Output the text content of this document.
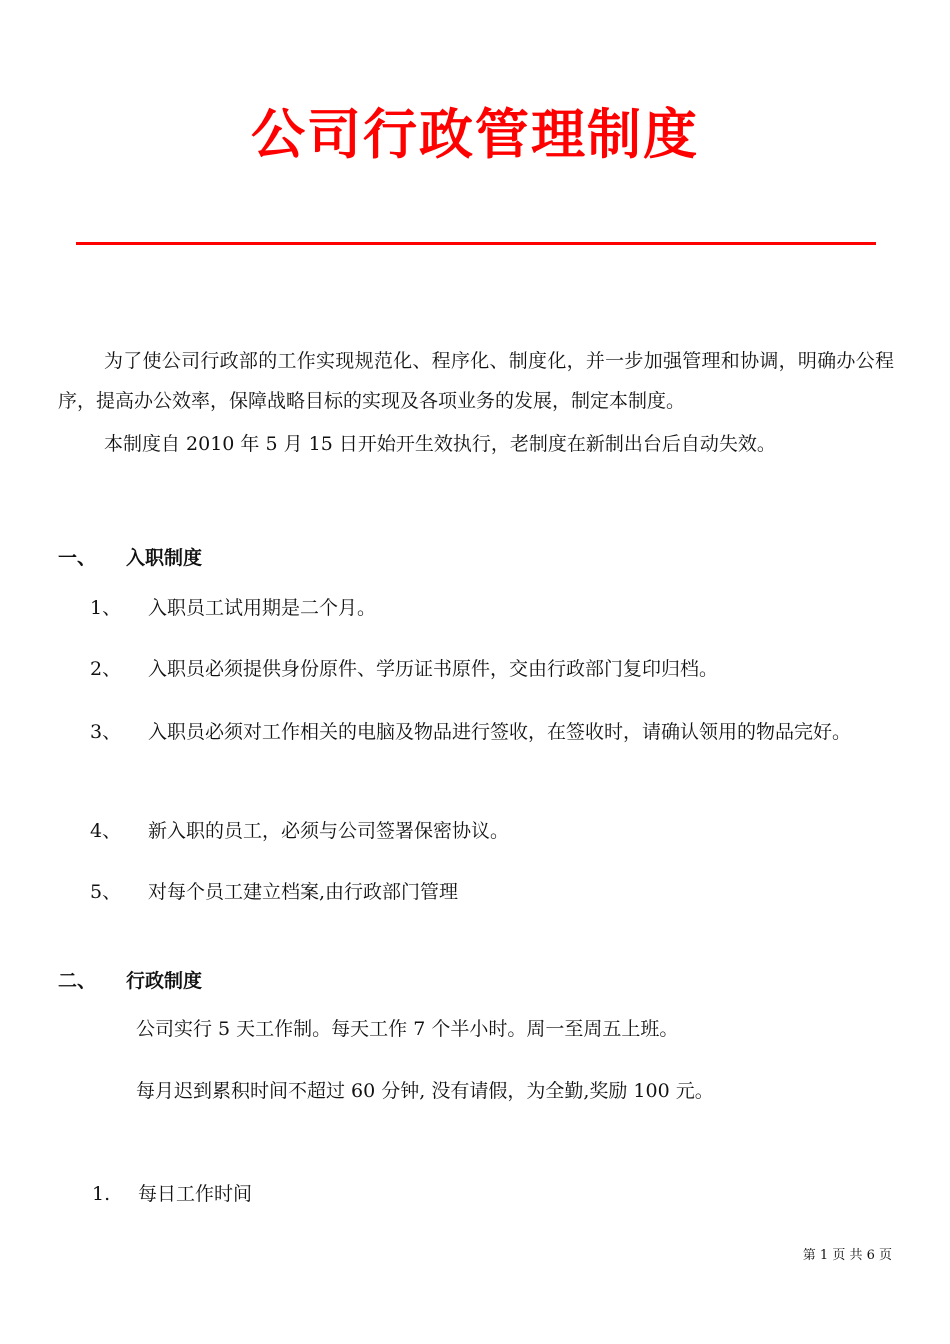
公司行政管理制度
为了使公司行政部的工作实现规范化、程序化、制度化，并一步加强管理和协调，明确办公程序，提高办公效率，保障战略目标的实现及各项业务的发展，制定本制度。
本制度自 2010 年 5 月 15 日开始开生效执行，老制度在新制出台后自动失效。
一、 入职制度
1、	入职员工试用期是二个月。
2、	入职员必须提供身份原件、学历证书原件，交由行政部门复印归档。
3、	入职员必须对工作相关的电脑及物品进行签收，在签收时，请确认领用的物品完好。
4、	新入职的员工，必须与公司签署保密协议。
5、	对每个员工建立档案,由行政部门管理
二、 行政制度
公司实行 5 天工作制。每天工作 7 个半小时。周一至周五上班。
每月迟到累积时间不超过 60 分钟, 没有请假，为全勤,奖励 100 元。
1. 每日工作时间
第 1 页 共 6 页
